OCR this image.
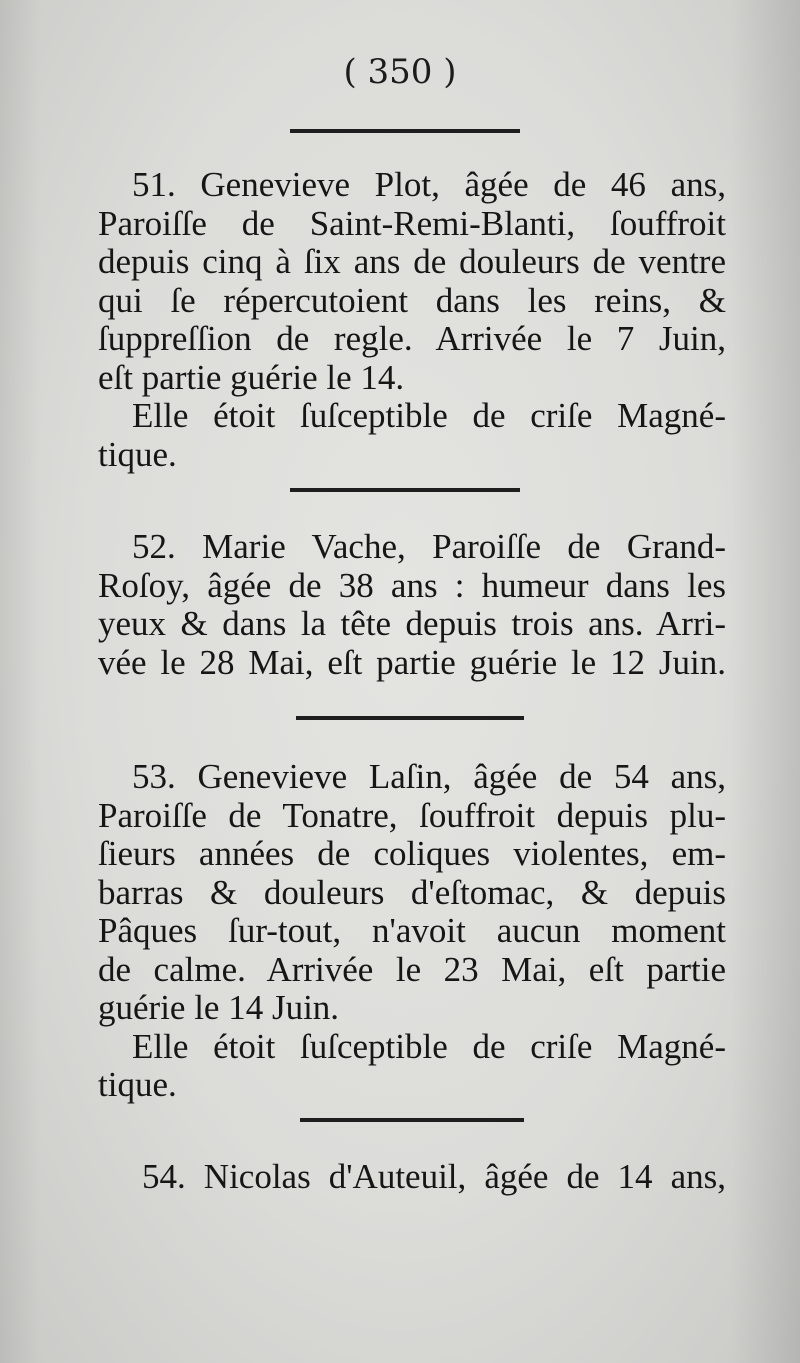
( 350 )
51. Genevieve Plot, âgée de 46 ans,
Paroiſſe de Saint-Remi-Blanti, ſouffroit
depuis cinq à ſix ans de douleurs de ventre
qui ſe répercutoient dans les reins, &
ſuppreſſion de regle. Arrivée le 7 Juin,
eſt partie guérie le 14.
Elle étoit ſuſceptible de criſe Magné-
tique.
52. Marie Vache, Paroiſſe de Grand-
Roſoy, âgée de 38 ans : humeur dans les
yeux & dans la tête depuis trois ans. Arri-
vée le 28 Mai, eſt partie guérie le 12 Juin.
53. Genevieve Laſin, âgée de 54 ans,
Paroiſſe de Tonatre, ſouffroit depuis plu-
ſieurs années de coliques violentes, em-
barras & douleurs d'eſtomac, & depuis
Pâques ſur-tout, n'avoit aucun moment
de calme. Arrivée le 23 Mai, eſt partie
guérie le 14 Juin.
Elle étoit ſuſceptible de criſe Magné-
tique.
54. Nicolas d'Auteuil, âgée de 14 ans,
